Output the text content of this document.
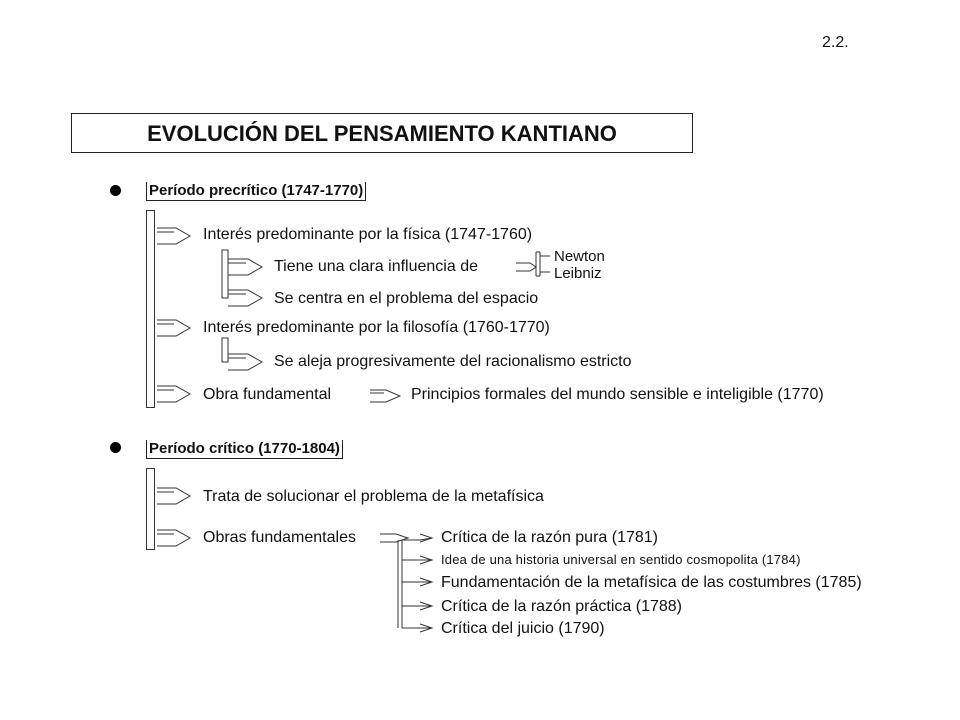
2.2.
EVOLUCIÓN DEL PENSAMIENTO KANTIANO
Período precrítico (1747-1770)
Interés predominante por la física (1747-1760)
Tiene una clara influencia de
Newton
Leibniz
Se centra en el problema del espacio
Interés predominante por la filosofía (1760-1770)
Se aleja progresivamente del racionalismo estricto
Obra fundamental	Principios formales del mundo sensible e inteligible (1770)
Período crítico (1770-1804)
Trata de solucionar el problema de la metafísica
Obras fundamentales	Crítica de la razón pura (1781)
Idea de una historia universal en sentido cosmopolita (1784)
Fundamentación de la metafísica de las costumbres (1785)
Crítica de la razón práctica (1788)
Crítica del juicio (1790)
